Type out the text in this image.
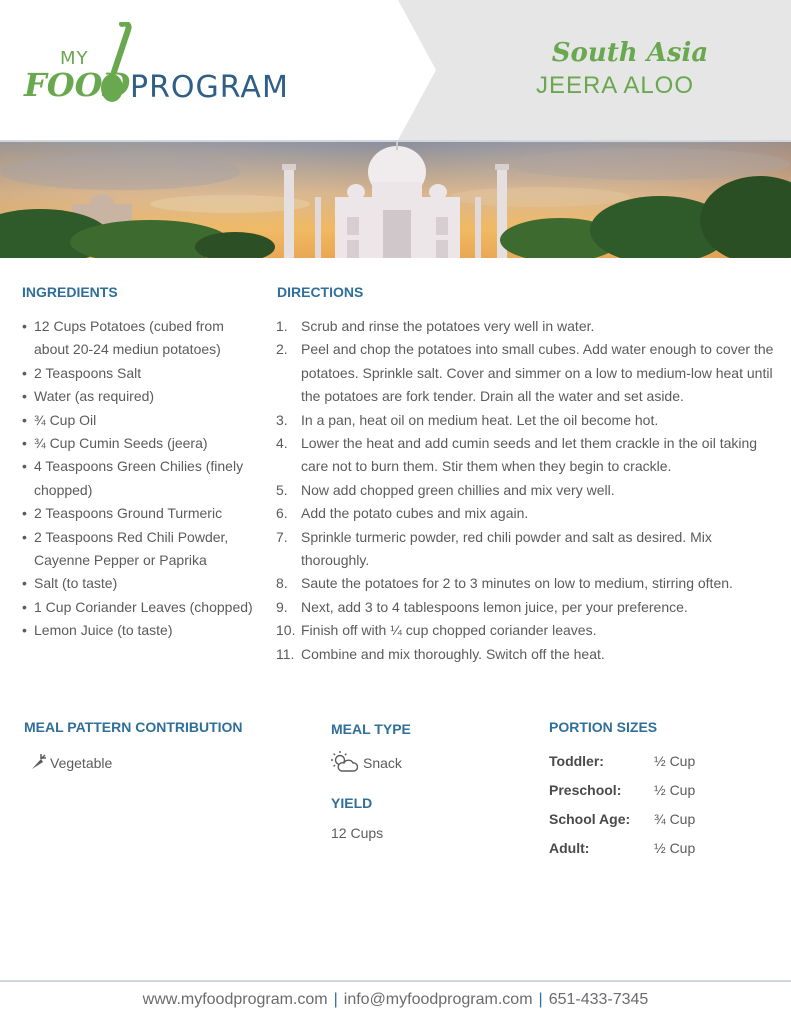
MY
FOOD PROGRAM
South Asia
JEERA ALOO
INGREDIENTS
• 12 Cups Potatoes (cubed from about 20-24 mediun potatoes)
• 2 Teaspoons Salt
• Water (as required)
• ¾ Cup Oil
• ¾ Cup Cumin Seeds (jeera)
• 4 Teaspoons Green Chilies (finely chopped)
• 2 Teaspoons Ground Turmeric
• 2 Teaspoons Red Chili Powder, Cayenne Pepper or Paprika
• Salt (to taste)
• 1 Cup Coriander Leaves (chopped)
• Lemon Juice (to taste)
DIRECTIONS
1. Scrub and rinse the potatoes very well in water.
2. Peel and chop the potatoes into small cubes. Add water enough to cover the potatoes. Sprinkle salt. Cover and simmer on a low to medium-low heat until the potatoes are fork tender. Drain all the water and set aside.
3. In a pan, heat oil on medium heat. Let the oil become hot.
4. Lower the heat and add cumin seeds and let them crackle in the oil taking care not to burn them. Stir them when they begin to crackle.
5. Now add chopped green chillies and mix very well.
6. Add the potato cubes and mix again.
7. Sprinkle turmeric powder, red chili powder and salt as desired. Mix thoroughly.
8. Saute the potatoes for 2 to 3 minutes on low to medium, stirring often.
9. Next, add 3 to 4 tablespoons lemon juice, per your preference.
10. Finish off with ¼ cup chopped coriander leaves.
11. Combine and mix thoroughly. Switch off the heat.
MEAL PATTERN CONTRIBUTION
Vegetable
MEAL TYPE
Snack
YIELD
12 Cups
PORTION SIZES
Toddler:	½ Cup
Preschool: ½ Cup
School Age: ¾ Cup
Adult:	½ Cup
www.myfoodprogram.com | info@myfoodprogram.com | 651-433-7345
